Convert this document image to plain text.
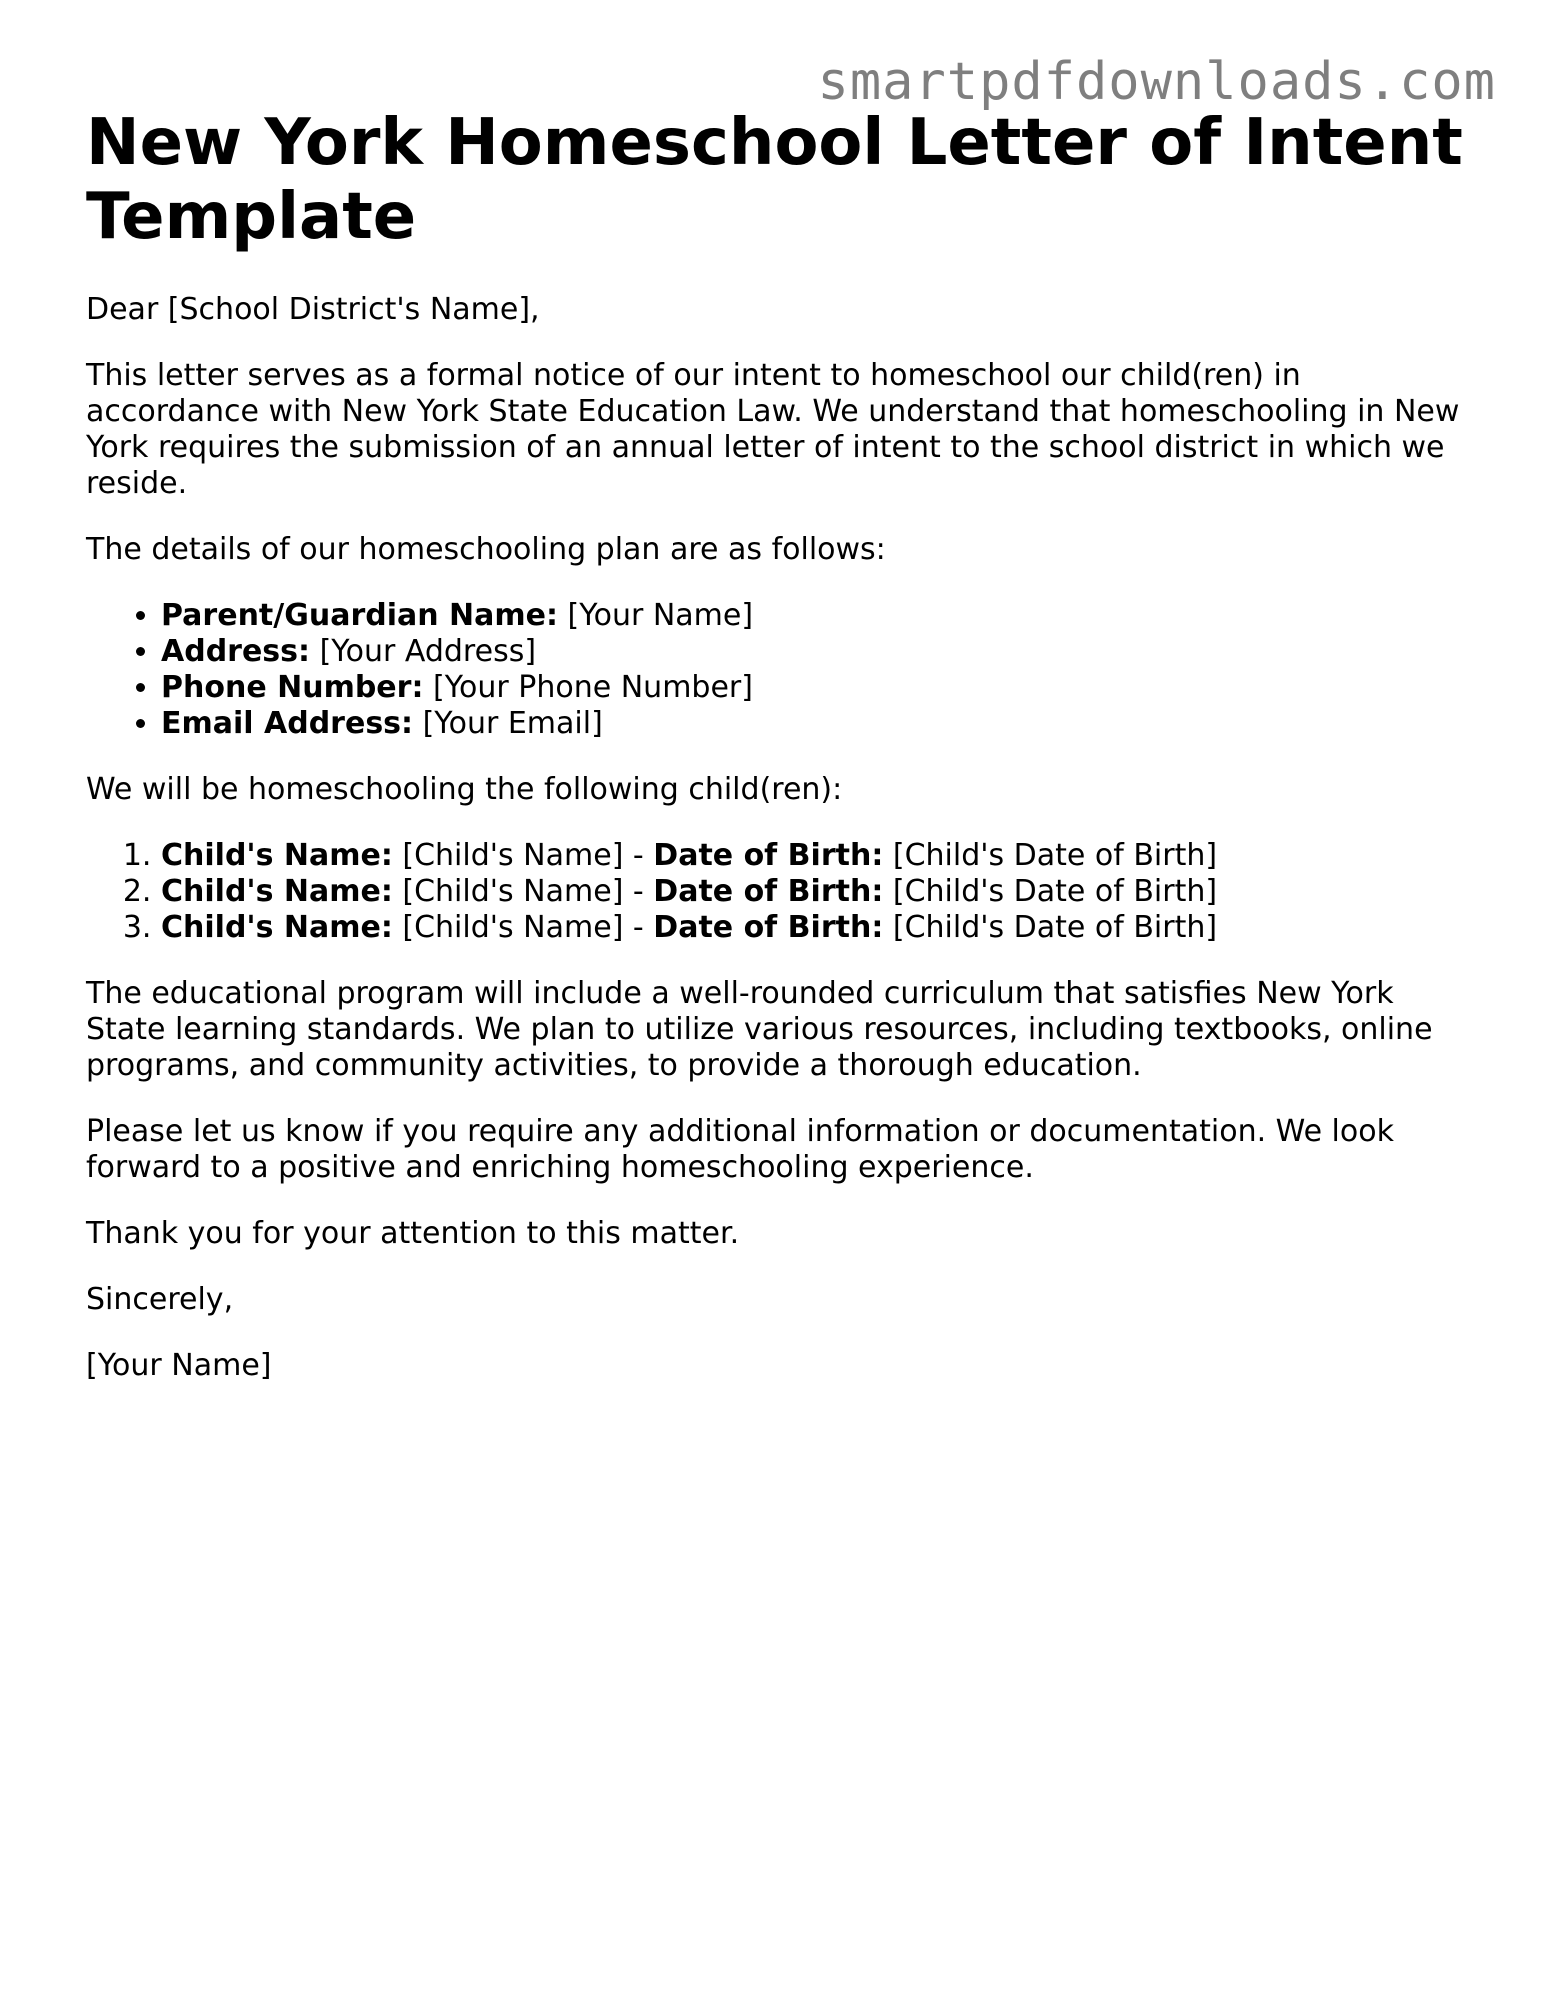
smartpdfdownloads.com
New York Homeschool Letter of Intent Template

Dear [School District's Name],

This letter serves as a formal notice of our intent to homeschool our child(ren) in accordance with New York State Education Law. We understand that homeschooling in New York requires the submission of an annual letter of intent to the school district in which we reside.

The details of our homeschooling plan are as follows:

• Parent/Guardian Name: [Your Name]
• Address: [Your Address]
• Phone Number: [Your Phone Number]
• Email Address: [Your Email]

We will be homeschooling the following child(ren):

1. Child's Name: [Child's Name] - Date of Birth: [Child's Date of Birth]
2. Child's Name: [Child's Name] - Date of Birth: [Child's Date of Birth]
3. Child's Name: [Child's Name] - Date of Birth: [Child's Date of Birth]

The educational program will include a well-rounded curriculum that satisfies New York State learning standards. We plan to utilize various resources, including textbooks, online programs, and community activities, to provide a thorough education.

Please let us know if you require any additional information or documentation. We look forward to a positive and enriching homeschooling experience.

Thank you for your attention to this matter.

Sincerely,

[Your Name]
